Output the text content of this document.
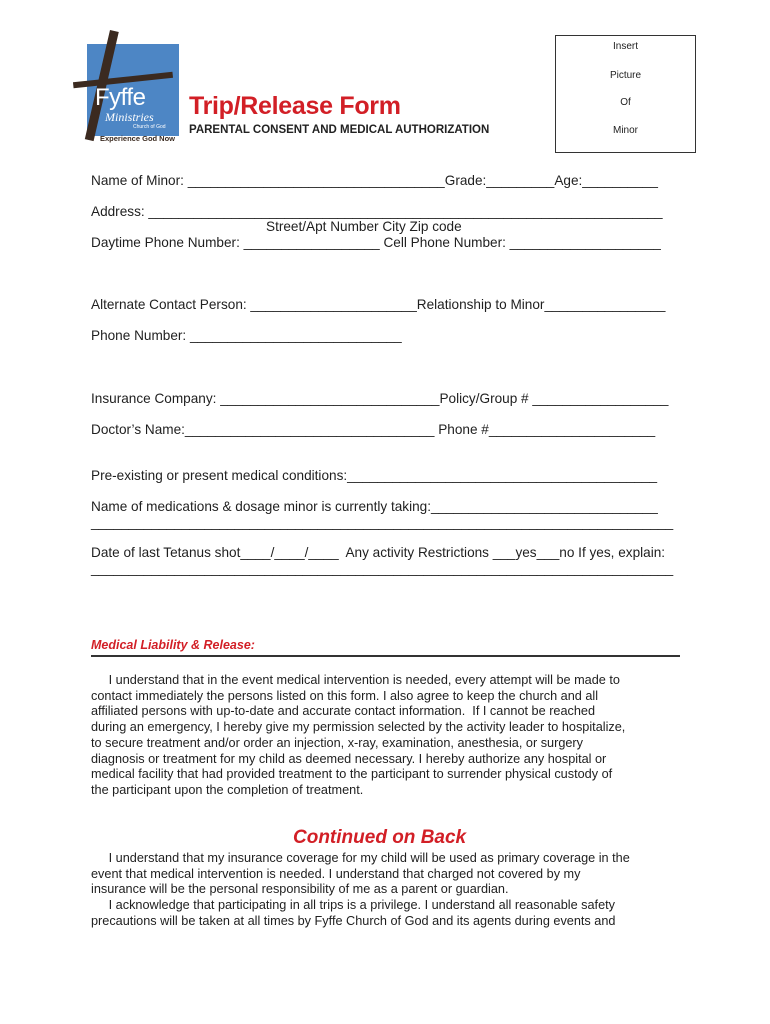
Fyffe
Ministries
Church of God
Experience God Now
Trip/Release Form
PARENTAL CONSENT AND MEDICAL AUTHORIZATION
Insert
Picture
Of
Minor
Name of Minor: __________________________________Grade:_________Age:__________
Address: ____________________________________________________________________
Street/Apt Number City Zip code
Daytime Phone Number: __________________ Cell Phone Number: ____________________
Alternate Contact Person: ______________________Relationship to Minor________________
Phone Number: ____________________________
Insurance Company: _____________________________Policy/Group # __________________
Doctor’s Name:_________________________________ Phone #______________________
Pre-existing or present medical conditions:_________________________________________
Name of medications & dosage minor is currently taking:______________________________
_____________________________________________________________________________
Date of last Tetanus shot____/____/____  Any activity Restrictions ___yes___no If yes, explain:
_____________________________________________________________________________
Medical Liability & Release:
I understand that in the event medical intervention is needed, every attempt will be made to
contact immediately the persons listed on this form. I also agree to keep the church and all
affiliated persons with up-to-date and accurate contact information.  If I cannot be reached
during an emergency, I hereby give my permission selected by the activity leader to hospitalize,
to secure treatment and/or order an injection, x-ray, examination, anesthesia, or surgery
diagnosis or treatment for my child as deemed necessary. I hereby authorize any hospital or
medical facility that had provided treatment to the participant to surrender physical custody of
the participant upon the completion of treatment.
Continued on Back
I understand that my insurance coverage for my child will be used as primary coverage in the
event that medical intervention is needed. I understand that charged not covered by my
insurance will be the personal responsibility of me as a parent or guardian.
I acknowledge that participating in all trips is a privilege. I understand all reasonable safety
precautions will be taken at all times by Fyffe Church of God and its agents during events and
